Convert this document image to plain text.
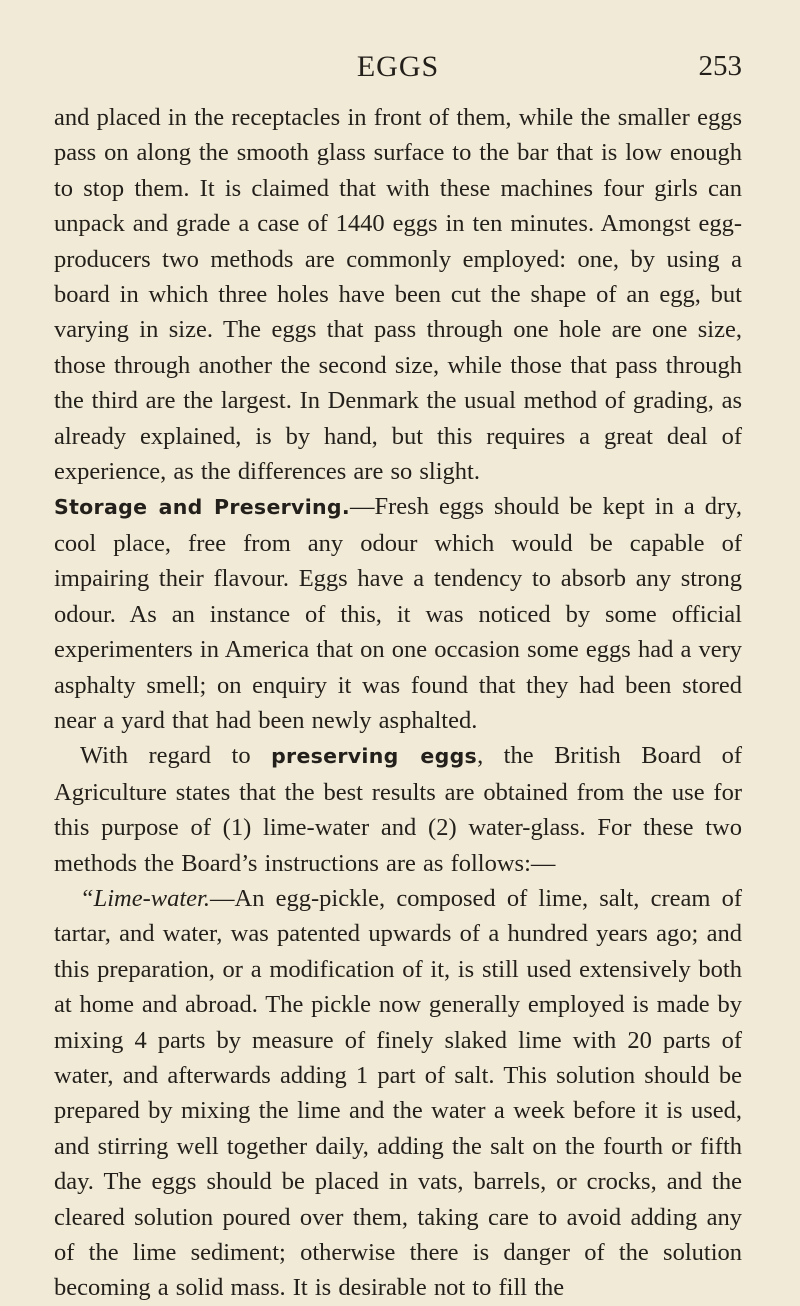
EGGS	253

and placed in the receptacles in front of them, while the smaller eggs pass on along the smooth glass surface to the bar that is low enough to stop them. It is claimed that with these machines four girls can unpack and grade a case of 1440 eggs in ten minutes. Amongst egg-producers two methods are commonly employed: one, by using a board in which three holes have been cut the shape of an egg, but varying in size. The eggs that pass through one hole are one size, those through another the second size, while those that pass through the third are the largest. In Denmark the usual method of grading, as already explained, is by hand, but this requires a great deal of experience, as the differences are so slight.

Storage and Preserving.—Fresh eggs should be kept in a dry, cool place, free from any odour which would be capable of impairing their flavour. Eggs have a tendency to absorb any strong odour. As an instance of this, it was noticed by some official experimenters in America that on one occasion some eggs had a very asphalty smell; on enquiry it was found that they had been stored near a yard that had been newly asphalted.

With regard to preserving eggs, the British Board of Agriculture states that the best results are obtained from the use for this purpose of (1) lime-water and (2) water-glass. For these two methods the Board’s instructions are as follows:—

“Lime-water.—An egg-pickle, composed of lime, salt, cream of tartar, and water, was patented upwards of a hundred years ago; and this preparation, or a modification of it, is still used extensively both at home and abroad. The pickle now generally employed is made by mixing 4 parts by measure of finely slaked lime with 20 parts of water, and afterwards adding 1 part of salt. This solution should be prepared by mixing the lime and the water a week before it is used, and stirring well together daily, adding the salt on the fourth or fifth day. The eggs should be placed in vats, barrels, or crocks, and the cleared solution poured over them, taking care to avoid adding any of the lime sediment; otherwise there is danger of the solution becoming a solid mass. It is desirable not to fill the
